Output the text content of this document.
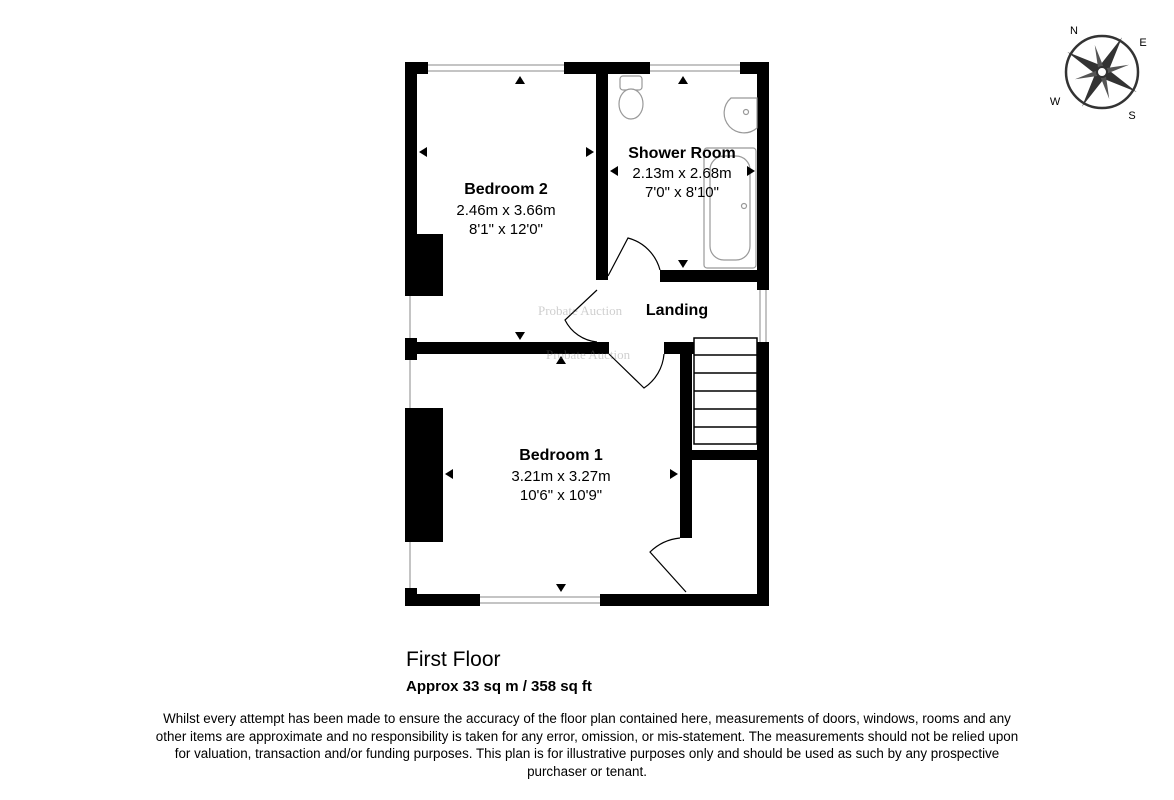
Probate Auction
Probate Auction
Bedroom 2
2.46m x 3.66m
8'1" x 12'0"
Shower Room
2.13m x 2.68m
7'0" x 8'10"
Landing
Bedroom 1
3.21m x 3.27m
10'6" x 10'9"
N
E
S
W
First Floor
Approx 33 sq m / 358 sq ft
Whilst every attempt has been made to ensure the accuracy of the floor plan contained here, measurements of doors, windows, rooms and any other items are approximate and no responsibility is taken for any error, omission, or mis-statement. The measurements should not be relied upon for valuation, transaction and/or funding purposes. This plan is for illustrative purposes only and should be used as such by any prospective purchaser or tenant.
